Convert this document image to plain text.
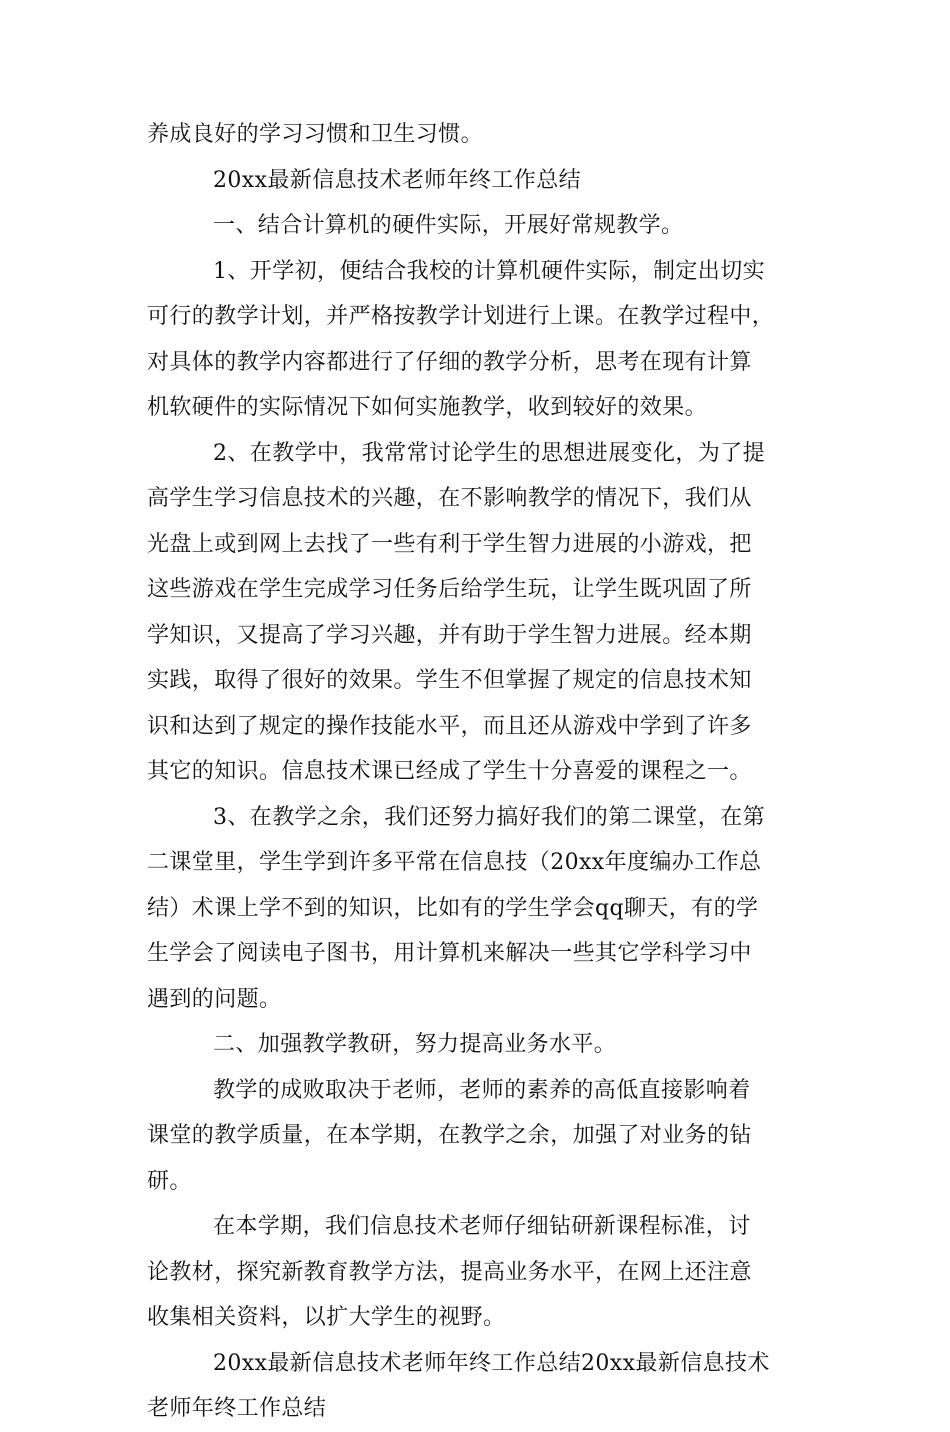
养成良好的学习习惯和卫生习惯。
20xx最新信息技术老师年终工作总结
一、结合计算机的硬件实际，开展好常规教学。
1、开学初，便结合我校的计算机硬件实际，制定出切实
可行的教学计划，并严格按教学计划进行上课。在教学过程中，
对具体的教学内容都进行了仔细的教学分析，思考在现有计算
机软硬件的实际情况下如何实施教学，收到较好的效果。
2、在教学中，我常常讨论学生的思想进展变化，为了提
高学生学习信息技术的兴趣，在不影响教学的情况下，我们从
光盘上或到网上去找了一些有利于学生智力进展的小游戏，把
这些游戏在学生完成学习任务后给学生玩，让学生既巩固了所
学知识，又提高了学习兴趣，并有助于学生智力进展。经本期
实践，取得了很好的效果。学生不但掌握了规定的信息技术知
识和达到了规定的操作技能水平，而且还从游戏中学到了许多
其它的知识。信息技术课已经成了学生十分喜爱的课程之一。
3、在教学之余，我们还努力搞好我们的第二课堂，在第
二课堂里，学生学到许多平常在信息技（20xx年度编办工作总
结）术课上学不到的知识，比如有的学生学会qq聊天，有的学
生学会了阅读电子图书，用计算机来解决一些其它学科学习中
遇到的问题。
二、加强教学教研，努力提高业务水平。
教学的成败取决于老师，老师的素养的高低直接影响着
课堂的教学质量，在本学期，在教学之余，加强了对业务的钻
研。
在本学期，我们信息技术老师仔细钻研新课程标准，讨
论教材，探究新教育教学方法，提高业务水平，在网上还注意
收集相关资料，以扩大学生的视野。
20xx最新信息技术老师年终工作总结20xx最新信息技术
老师年终工作总结
